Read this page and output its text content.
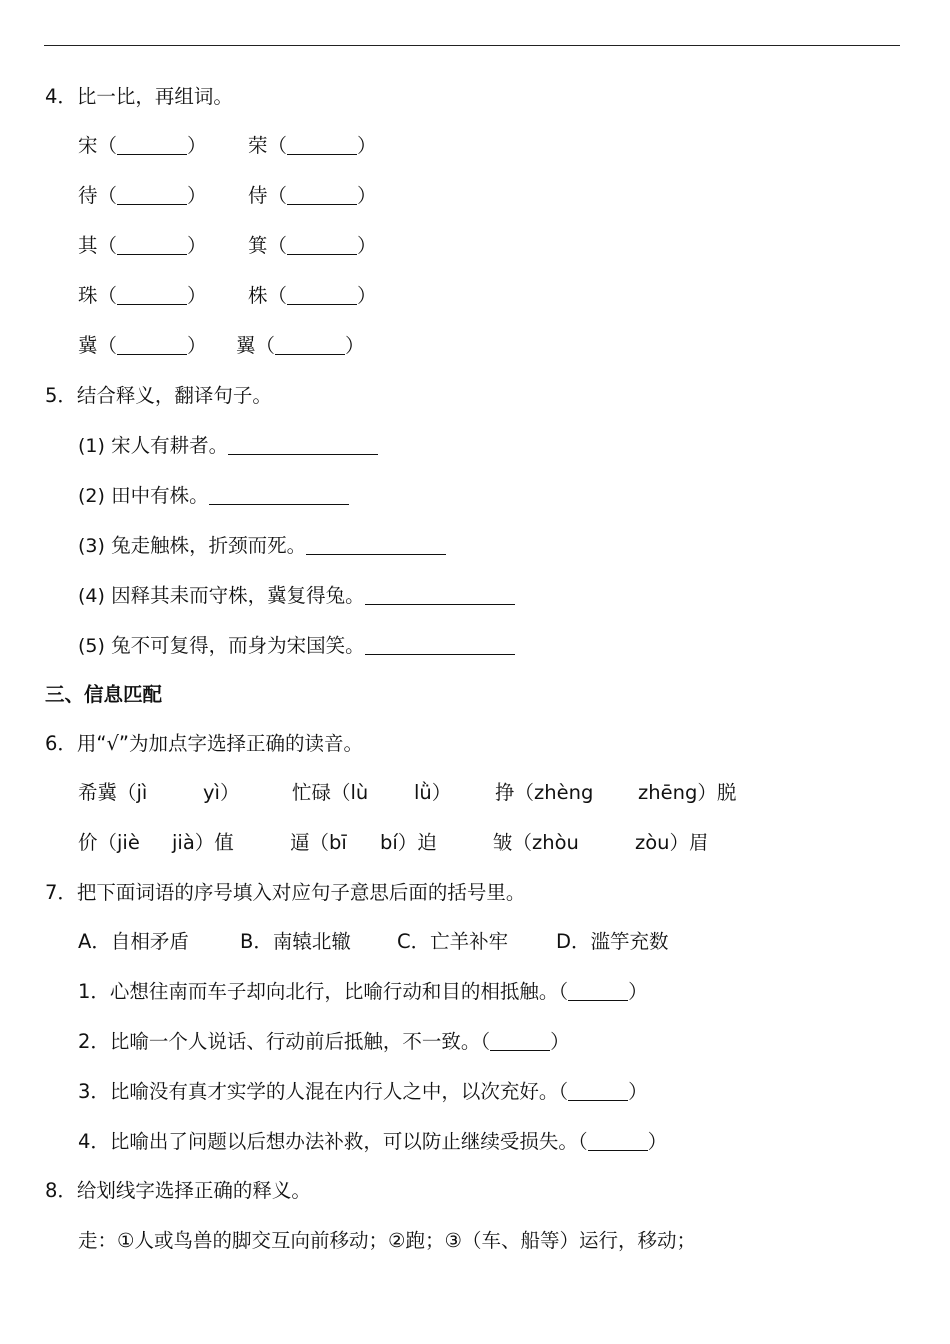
4．比一比，再组词。
宋（	） 荣（	）
待（	） 侍（	）
其（	） 箕（	）
珠（	） 株（	）
冀（	） 翼（	）
5．结合释义，翻译句子。
(1) 宋人有耕者。
(2) 田中有株。
(3) 兔走触株，折颈而死。
(4) 因释其耒而守株，冀复得兔。
(5) 兔不可复得，而身为宋国笑。
三、信息匹配
6．用“√”为加点字选择正确的读音。
希冀（jì	yì）	忙碌（lù lǜ） 挣（zhèng zhēng）脱
价（jiè jià）值	逼（bī bí）迫	皱（zhòu	zòu）眉
7．把下面词语的序号填入对应句子意思后面的括号里。
A．自相矛盾	B．南辕北辙 C．亡羊补牢 D．滥竽充数
1．心想往南而车子却向北行，比喻行动和目的相抵触。（	）
2．比喻一个人说话、行动前后抵触，不一致。（	）
3．比喻没有真才实学的人混在内行人之中，以次充好。（	）
4．比喻出了问题以后想办法补救，可以防止继续受损失。（	）
8．给划线字选择正确的释义。
走：①人或鸟兽的脚交互向前移动；②跑；③（车、船等）运行，移动；
